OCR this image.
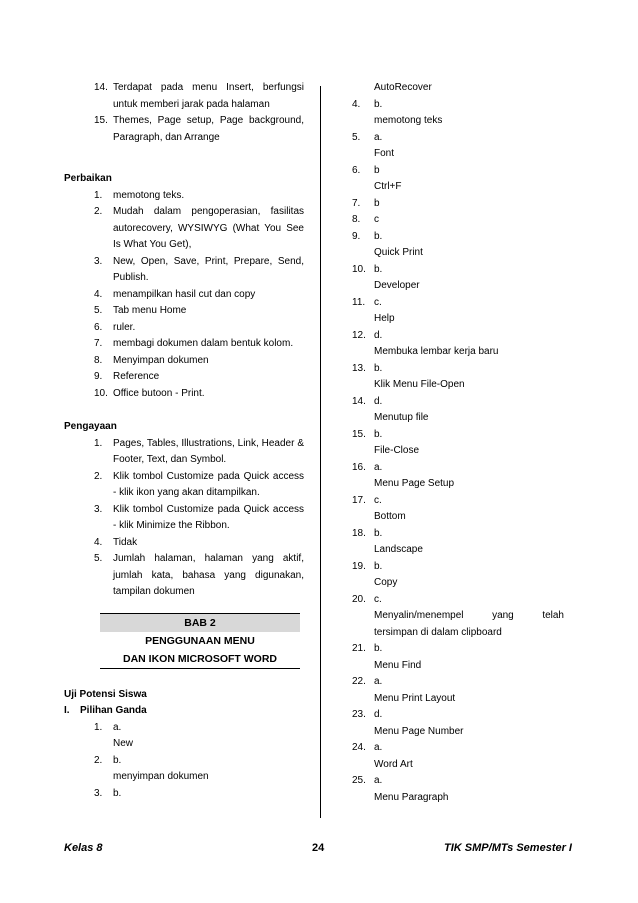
14. Terdapat pada menu Insert, berfungsi untuk memberi jarak pada halaman
15. Themes, Page setup, Page background, Paragraph, dan Arrange
Perbaikan
1.	memotong teks.
2.	Mudah dalam pengoperasian, fasilitas autorecovery, WYSIWYG (What You See Is What You Get),
3.	New, Open, Save, Print, Prepare, Send, Publish.
4.	menampilkan hasil cut dan copy
5.	Tab menu Home
6.	ruler.
7.	membagi dokumen dalam bentuk kolom.
8.	Menyimpan dokumen
9.	Reference
10. Office butoon - Print.
Pengayaan
1.	Pages, Tables, Illustrations, Link, Header & Footer, Text, dan Symbol.
2.	Klik tombol Customize pada Quick access - klik ikon yang akan ditampilkan.
3.	Klik tombol Customize pada Quick access - klik Minimize the Ribbon.
4.	Tidak
5.	Jumlah halaman, halaman yang aktif, jumlah kata, bahasa yang digunakan, tampilan dokumen
BAB 2
PENGGUNAAN MENU
DAN IKON MICROSOFT WORD
Uji Potensi Siswa
I.	Pilihan Ganda
1.	a.
New
2.	b.
menyimpan dokumen
3.	b.
AutoRecover
4.	b.
memotong teks
5.	a.
Font
6.	b
Ctrl+F
7.	b
8.	c
9.	b.
Quick Print
10. b.
Developer
11. c.
Help
12. d.
Membuka lembar kerja baru
13. b.
Klik Menu File-Open
14. d.
Menutup file
15. b.
File-Close
16. a.
Menu Page Setup
17. c.
Bottom
18. b.
Landscape
19. b.
Copy
20. c.
Menyalin/menempel	yang	telah
tersimpan di dalam clipboard
21. b.
Menu Find
22. a.
Menu Print Layout
23. d.
Menu Page Number
24. a.
Word Art
25. a.
Menu Paragraph
Kelas 8	24	TIK SMP/MTs Semester I
